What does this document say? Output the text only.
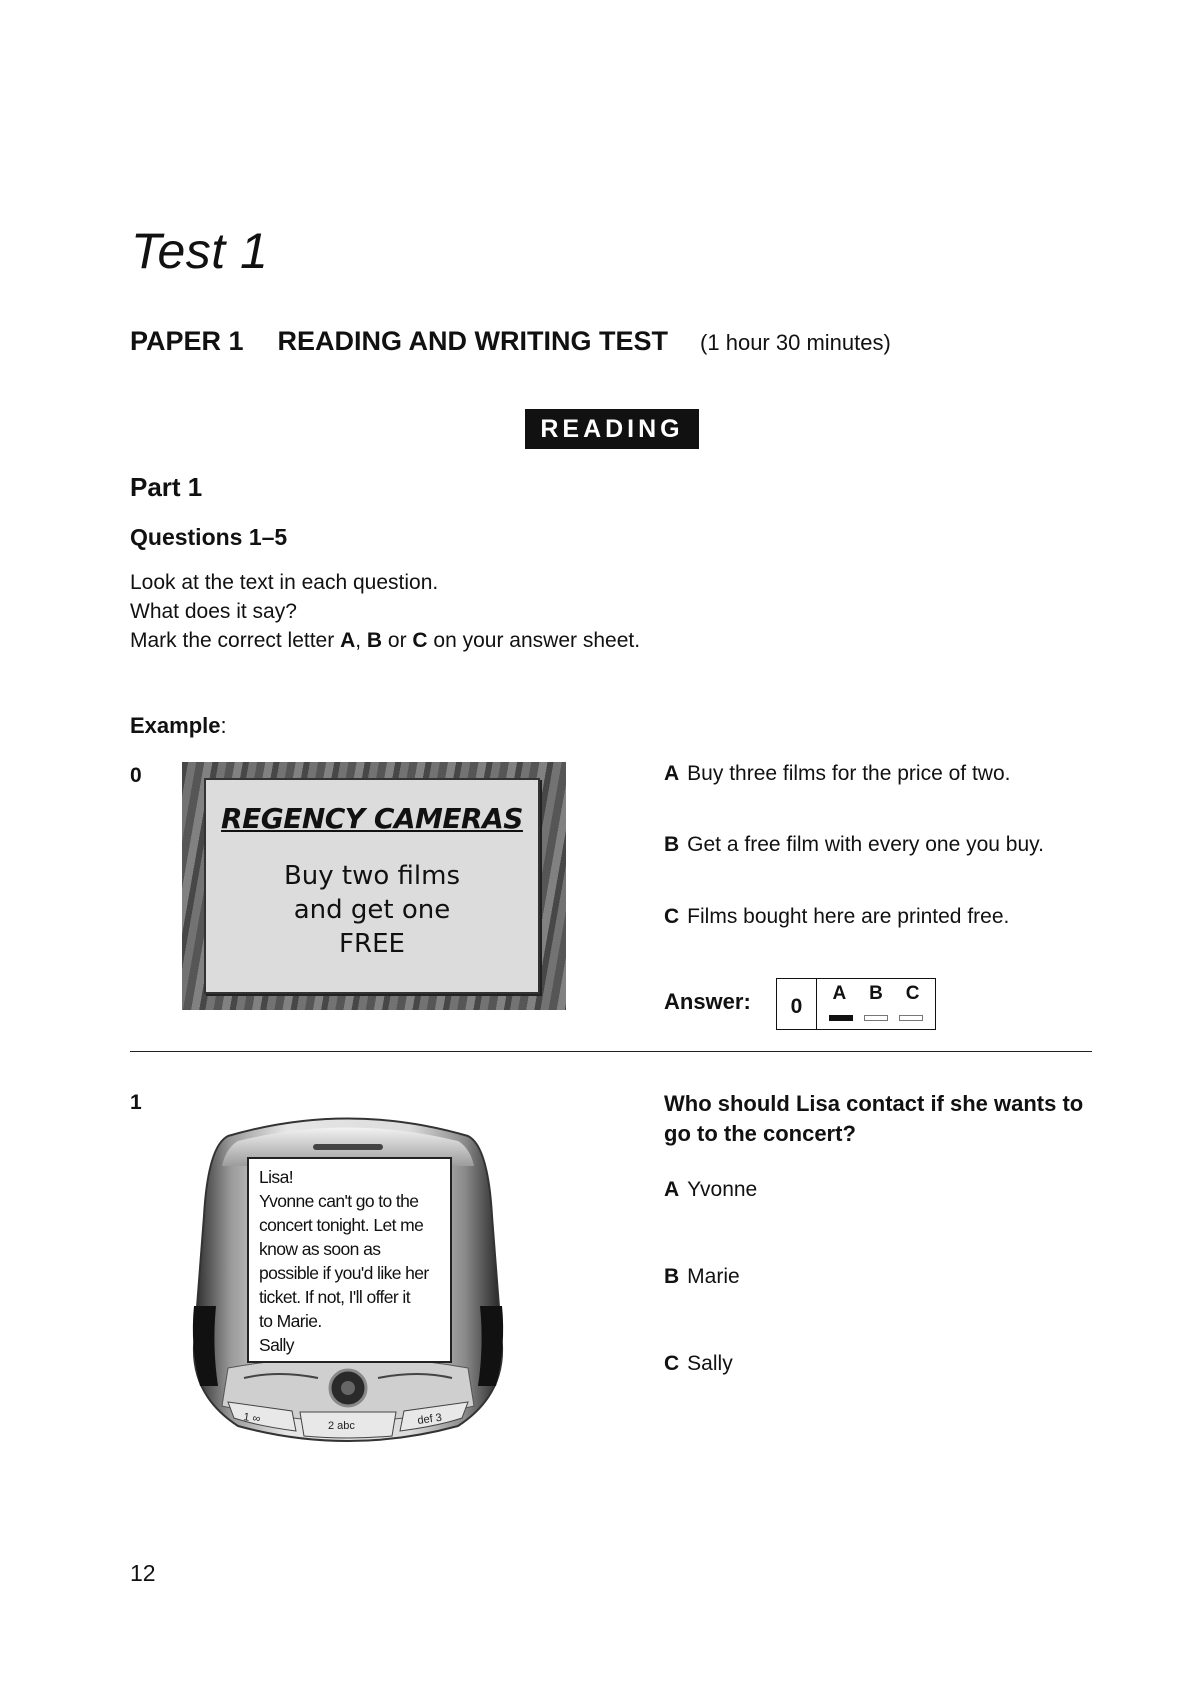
Test 1
PAPER 1 READING AND WRITING TEST (1 hour 30 minutes)
READING
Part 1
Questions 1–5

Look at the text in each question.

What does it say?

Mark the correct letter A, B or C on your answer sheet.

Example:
0
REGENCY CAMERAS
Buy two films
and get one
FREE
A Buy three films for the price of two.
B Get a free film with every one you buy.
C Films bought here are printed free.
Answer:	0
A B C
1
1 ∞
2 abc	def 3

Lisa!

Yvonne can't go to the

concert tonight. Let me

know as soon as

possible if you'd like her

ticket. If not, I'll offer it

to Marie.

Sally

Who should Lisa contact if she wants to go to the concert?
A Yvonne
B Marie
C Sally
12
